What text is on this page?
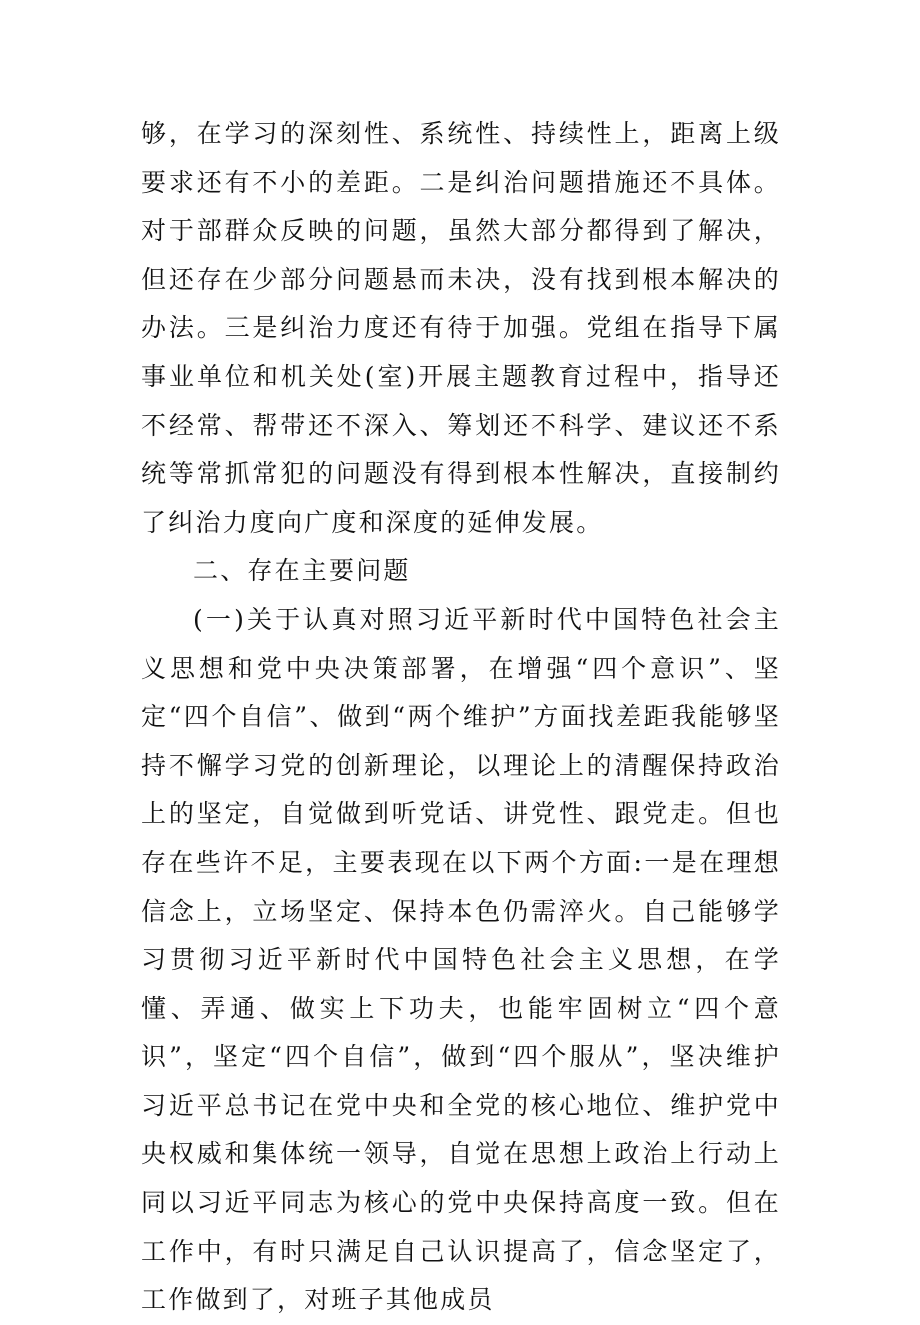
够，在学习的深刻性、系统性、持续性上，距离上级要求还有不小的差距。二是纠治问题措施还不具体。对于部群众反映的问题，虽然大部分都得到了解决，但还存在少部分问题悬而未决，没有找到根本解决的办法。三是纠治力度还有待于加强。党组在指导下属事业单位和机关处(室)开展主题教育过程中，指导还不经常、帮带还不深入、筹划还不科学、建议还不系统等常抓常犯的问题没有得到根本性解决，直接制约了纠治力度向广度和深度的延伸发展。

二、存在主要问题

(一)关于认真对照习近平新时代中国特色社会主义思想和党中央决策部署，在增强“四个意识”、坚定“四个自信”、做到“两个维护”方面找差距我能够坚持不懈学习党的创新理论，以理论上的清醒保持政治上的坚定，自觉做到听党话、讲党性、跟党走。但也存在些许不足，主要表现在以下两个方面:一是在理想信念上，立场坚定、保持本色仍需淬火。自己能够学习贯彻习近平新时代中国特色社会主义思想，在学懂、弄通、做实上下功夫，也能牢固树立“四个意识”，坚定“四个自信”，做到“四个服从”，坚决维护习近平总书记在党中央和全党的核心地位、维护党中央权威和集体统一领导，自觉在思想上政治上行动上同以习近平同志为核心的党中央保持高度一致。但在工作中，有时只满足自己认识提高了，信念坚定了，工作做到了，对班子其他成员
